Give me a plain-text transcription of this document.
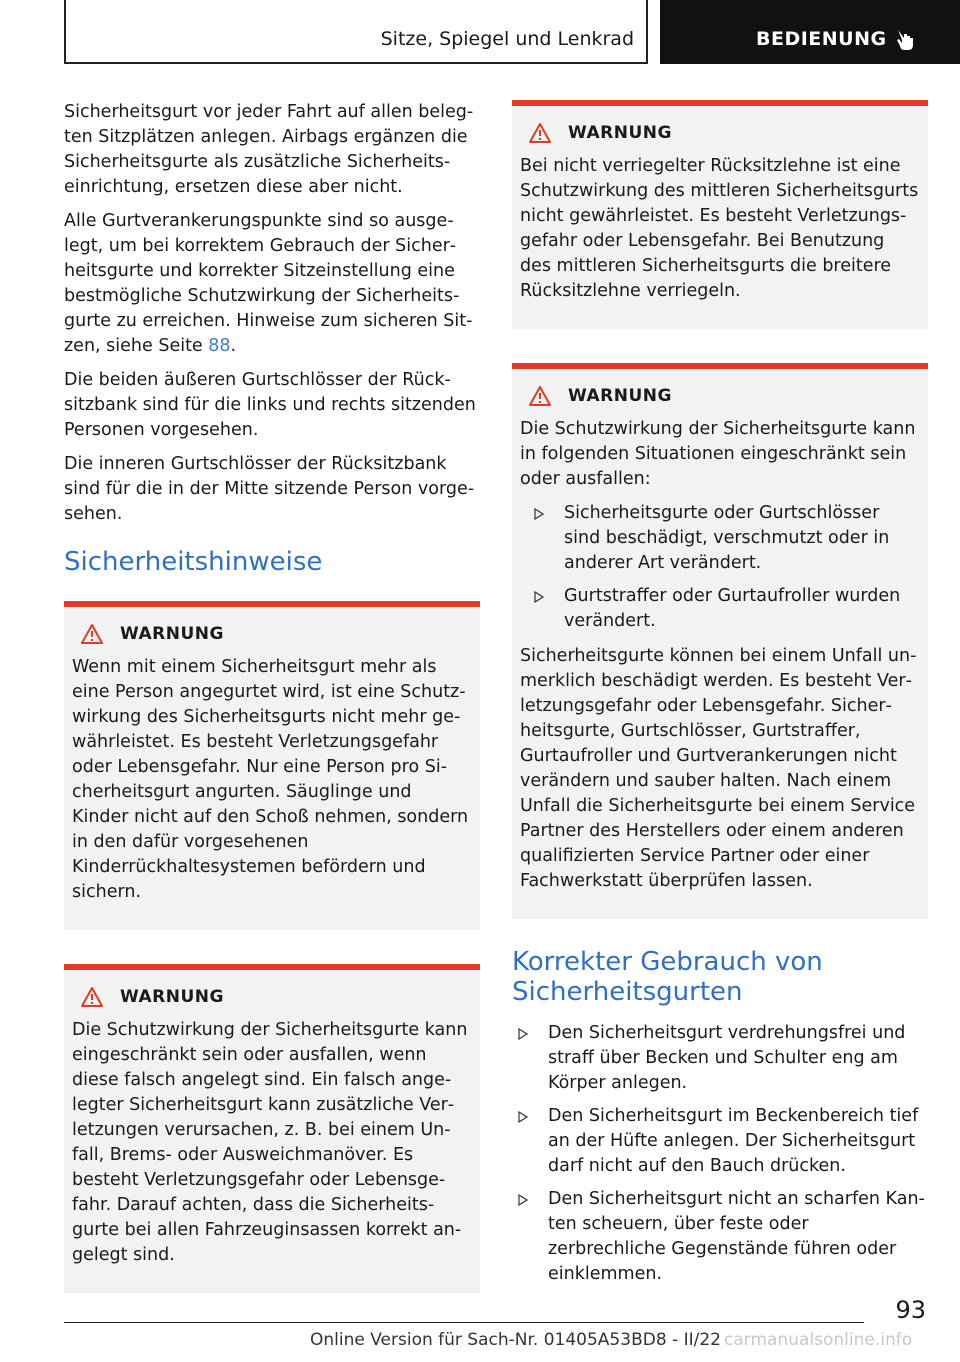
Sitze, Spiegel und Lenkrad	BEDIENUNG

Sicherheitsgurt vor jeder Fahrt auf allen belegten Sitzplätzen anlegen. Airbags ergänzen die Sicherheitsgurte als zusätzliche Sicherheitseinrichtung, ersetzen diese aber nicht.

Alle Gurtverankerungspunkte sind so ausgelegt, um bei korrektem Gebrauch der Sicherheitsgurte und korrekter Sitzeinstellung eine bestmögliche Schutzwirkung der Sicherheitsgurte zu erreichen. Hinweise zum sicheren Sitzen, siehe Seite 88.

Die beiden äußeren Gurtschlösser der Rücksitzbank sind für die links und rechts sitzenden Personen vorgesehen.

Die inneren Gurtschlösser der Rücksitzbank sind für die in der Mitte sitzende Person vorgesehen.

Sicherheitshinweise
WARNUNG

Wenn mit einem Sicherheitsgurt mehr als eine Person angegurtet wird, ist eine Schutzwirkung des Sicherheitsgurts nicht mehr gewährleistet. Es besteht Verletzungsgefahr oder Lebensgefahr. Nur eine Person pro Sicherheitsgurt angurten. Säuglinge und Kinder nicht auf den Schoß nehmen, sondern in den dafür vorgesehenen Kinderrückhaltesystemen befördern und sichern.

WARNUNG

Die Schutzwirkung der Sicherheitsgurte kann eingeschränkt sein oder ausfallen, wenn diese falsch angelegt sind. Ein falsch angelegter Sicherheitsgurt kann zusätzliche Verletzungen verursachen, z. B. bei einem Unfall, Brems- oder Ausweichmanöver. Es besteht Verletzungsgefahr oder Lebensgefahr. Darauf achten, dass die Sicherheitsgurte bei allen Fahrzeuginsassen korrekt angelegt sind.

WARNUNG

Bei nicht verriegelter Rücksitzlehne ist eine Schutzwirkung des mittleren Sicherheitsgurts nicht gewährleistet. Es besteht Verletzungsgefahr oder Lebensgefahr. Bei Benutzung des mittleren Sicherheitsgurts die breitere Rücksitzlehne verriegeln.

WARNUNG

Die Schutzwirkung der Sicherheitsgurte kann in folgenden Situationen eingeschränkt sein oder ausfallen:

Sicherheitsgurte oder Gurtschlösser sind beschädigt, verschmutzt oder in anderer Art verändert.
Gurtstraffer oder Gurtaufroller wurden verändert.

Sicherheitsgurte können bei einem Unfall unmerklich beschädigt werden. Es besteht Verletzungsgefahr oder Lebensgefahr. Sicherheitsgurte, Gurtschlösser, Gurtstraffer, Gurtaufroller und Gurtverankerungen nicht verändern und sauber halten. Nach einem Unfall die Sicherheitsgurte bei einem Service Partner des Herstellers oder einem anderen qualifizierten Service Partner oder einer Fachwerkstatt überprüfen lassen.

Korrekter Gebrauch von Sicherheitsgurten
Den Sicherheitsgurt verdrehungsfrei und straff über Becken und Schulter eng am Körper anlegen.
Den Sicherheitsgurt im Beckenbereich tief an der Hüfte anlegen. Der Sicherheitsgurt darf nicht auf den Bauch drücken.
Den Sicherheitsgurt nicht an scharfen Kanten scheuern, über feste oder zerbrechliche Gegenstände führen oder einklemmen.
93
Online Version für Sach-Nr. 01405A53BD8 - II/22 carmanualsonline.info
